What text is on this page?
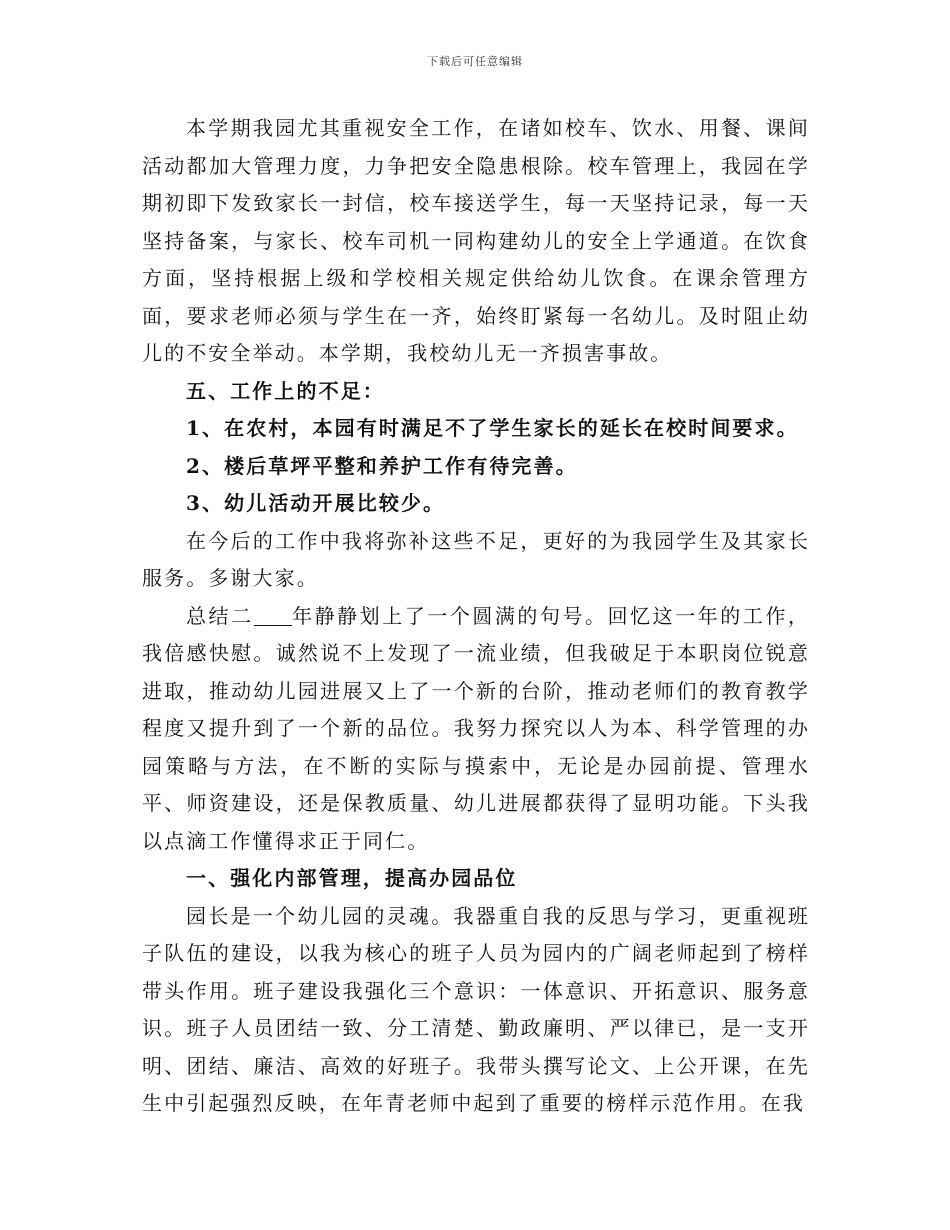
下载后可任意编辑

本学期我园尤其重视安全工作，在诸如校车、饮水、用餐、课间活动都加大管理力度，力争把安全隐患根除。校车管理上，我园在学期初即下发致家长一封信，校车接送学生，每一天坚持记录，每一天坚持备案，与家长、校车司机一同构建幼儿的安全上学通道。在饮食方面，坚持根据上级和学校相关规定供给幼儿饮食。在课余管理方面，要求老师必须与学生在一齐，始终盯紧每一名幼儿。及时阻止幼儿的不安全举动。本学期，我校幼儿无一齐损害事故。

五、工作上的不足：

1、在农村，本园有时满足不了学生家长的延长在校时间要求。

2、楼后草坪平整和养护工作有待完善。

3、幼儿活动开展比较少。

在今后的工作中我将弥补这些不足，更好的为我园学生及其家长服务。多谢大家。

总结二 年静静划上了一个圆满的句号。回忆这一年的工作，我倍感快慰。诚然说不上发现了一流业绩，但我破足于本职岗位锐意进取，推动幼儿园进展又上了一个新的台阶，推动老师们的教育教学程度又提升到了一个新的品位。我努力探究以人为本、科学管理的办园策略与方法，在不断的实际与摸索中，无论是办园前提、管理水平、师资建设，还是保教质量、幼儿进展都获得了显明功能。下头我以点滴工作懂得求正于同仁。

一、强化内部管理，提高办园品位

园长是一个幼儿园的灵魂。我器重自我的反思与学习，更重视班子队伍的建设，以我为核心的班子人员为园内的广阔老师起到了榜样带头作用。班子建设我强化三个意识：一体意识、开拓意识、服务意识。班子人员团结一致、分工清楚、勤政廉明、严以律已，是一支开明、团结、廉洁、高效的好班子。我带头撰写论文、上公开课，在先生中引起强烈反映，在年青老师中起到了重要的榜样示范作用。在我
